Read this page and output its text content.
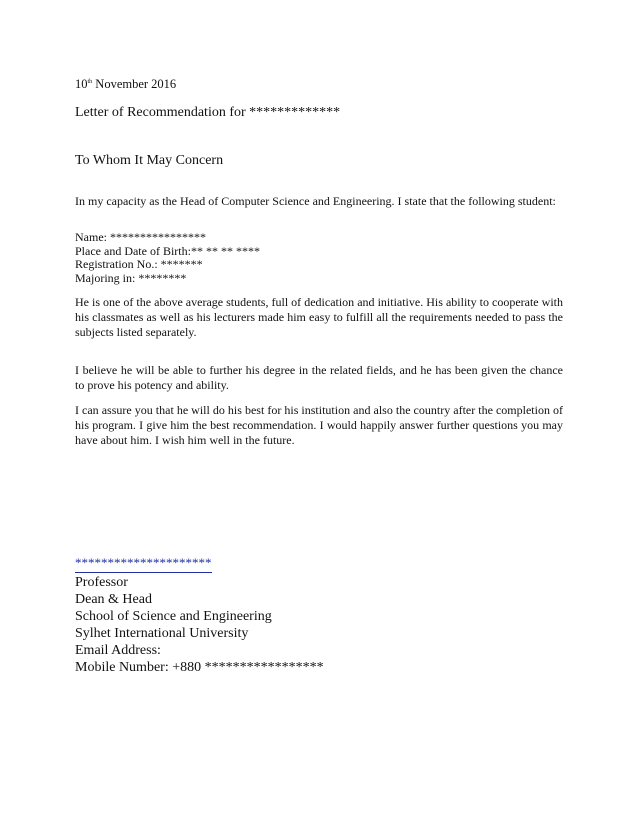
10th November 2016
Letter of Recommendation for *************
To Whom It May Concern
In my capacity as the Head of Computer Science and Engineering. I state that the following student:
Name: ****************
Place and Date of Birth:** ** ** ****
Registration No.: *******
Majoring in: ********
He is one of the above average students, full of dedication and initiative. His ability to cooperate with his classmates as well as his lecturers made him easy to fulfill all the requirements needed to pass the subjects listed separately.
I believe he will be able to further his degree in the related fields, and he has been given the chance to prove his potency and ability.
I can assure you that he will do his best for his institution and also the country after the completion of his program. I give him the best recommendation. I would happily answer further questions you may have about him. I wish him well in the future.
*********************
Professor
Dean & Head
School of Science and Engineering
Sylhet International University
Email Address:
Mobile Number: +880 *****************
